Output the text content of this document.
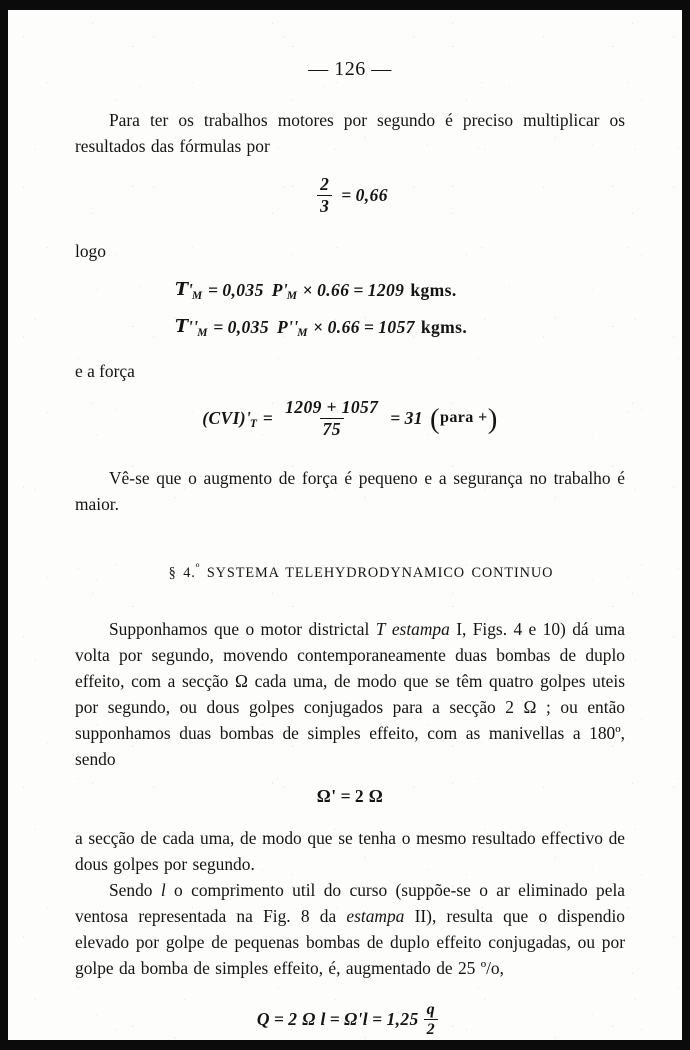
— 126 —

Para ter os trabalhos motores por segundo é preciso multiplicar os resultados das fórmulas por

$\frac{2}{3} = 0,66$

logo

T '
M = 0,035 P '
M × 0.66 = 1209 kgms.
T ''
M = 0,035 P ''
M × 0.66 = 1057 kgms.

e a força

( CVI ) '
$T = \frac{1209 + 1057}{75} = 31$ ( para + )

Vê-se que o augmento de força é pequeno e a segurança no trabalho é maior.

§ 4.$^º$ SYSTEMA TELEHYDRODYNAMICO CONTINUO

Supponhamos que o motor districtal T estampa I, Figs. 4 e 10) dá uma volta por segundo, movendo contemporaneamente duas bombas de duplo effeito, com a secção Ω cada uma, de modo que se têm quatro golpes uteis por segundo, ou dous golpes conjugados para a secção 2 Ω ; ou então supponhamos duas bombas de simples effeito, com as manivellas a 180º, sendo

Ω' = 2 Ω

a secção de cada uma, de modo que se tenha o mesmo resultado effectivo de dous golpes por segundo.

Sendo l o comprimento util do curso (suppõe-se o ar eliminado pela ventosa representada na Fig. 8 da estampa II), resulta que o dispendio elevado por golpe de pequenas bombas de duplo effeito conjugadas, ou por golpe da bomba de simples effeito, é, augmentado de 25 º/o,

Q = 2 Ω $l = \Omega'l = 1,25 \frac{q}{2}$
